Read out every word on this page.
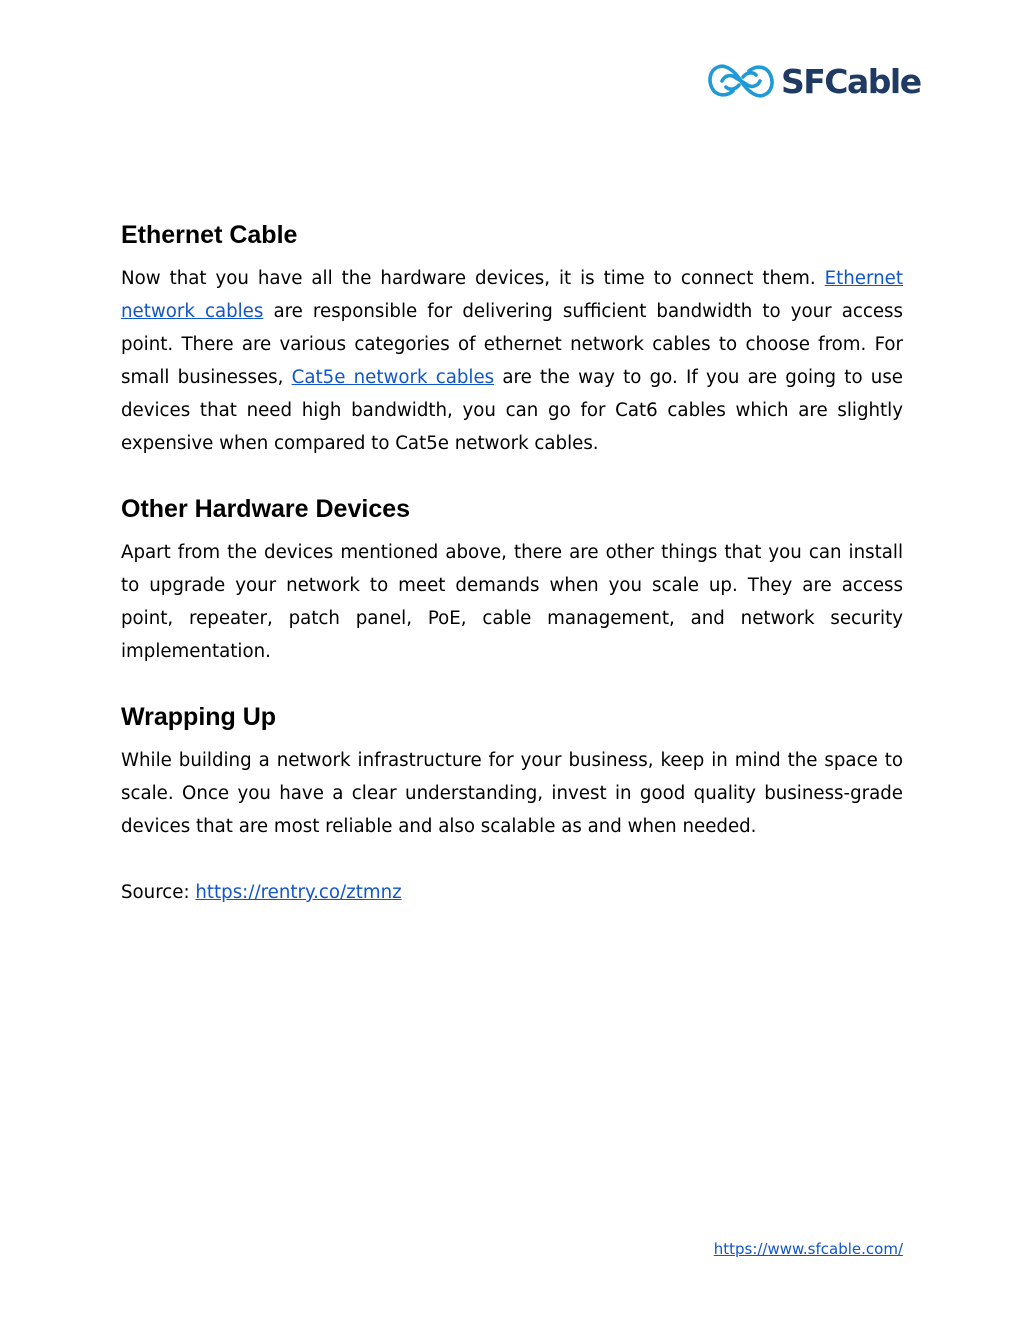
SFCable
Ethernet Cable

Now that you have all the hardware devices, it is time to connect them. Ethernet network cables are responsible for delivering sufficient bandwidth to your access point. There are various categories of ethernet network cables to choose from. For small businesses, Cat5e network cables are the way to go. If you are going to use devices that need high bandwidth, you can go for Cat6 cables which are slightly expensive when compared to Cat5e network cables.

Other Hardware Devices

Apart from the devices mentioned above, there are other things that you can install to upgrade your network to meet demands when you scale up. They are access point, repeater, patch panel, PoE, cable management, and network security implementation.

Wrapping Up

While building a network infrastructure for your business, keep in mind the space to scale. Once you have a clear understanding, invest in good quality business-grade devices that are most reliable and also scalable as and when needed.

Source: https://rentry.co/ztmnz

https://www.sfcable.com/
